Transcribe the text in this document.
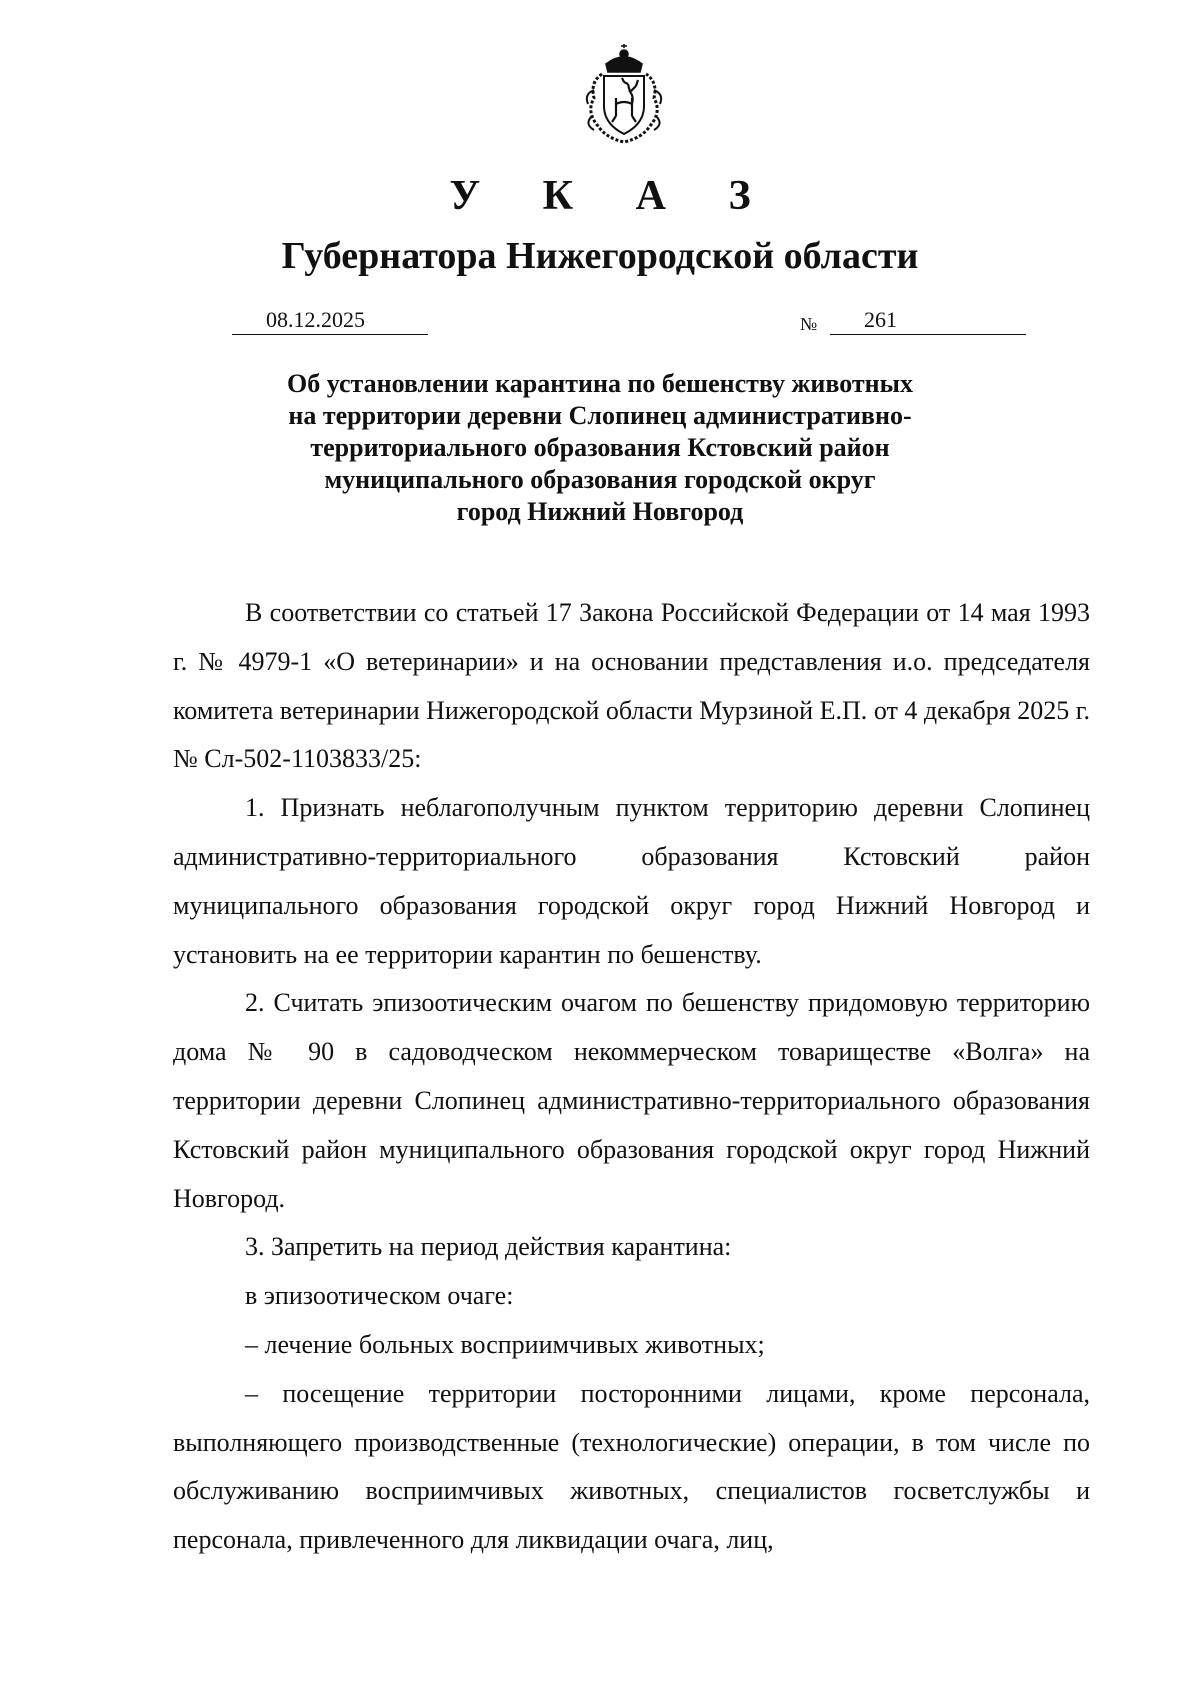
У К А З
Губернатора Нижегородской области
08.12.2025	№ 261
Об установлении карантина по бешенству животных
на территории деревни Слопинец административно-
территориального образования Кстовский район
муниципального образования городской округ
город Нижний Новгород

В соответствии со статьей 17 Закона Российской Федерации от 14 мая 1993 г. № 4979-1 «О ветеринарии» и на основании представления и.о. председателя комитета ветеринарии Нижегородской области Мурзиной Е.П. от 4 декабря 2025 г. № Сл-502-1103833/25:

1. Признать неблагополучным пунктом территорию деревни Слопинец административно-территориального образования Кстовский район муниципального образования городской округ город Нижний Новгород и установить на ее территории карантин по бешенству.

2. Считать эпизоотическим очагом по бешенству придомовую территорию дома № 90 в садоводческом некоммерческом товариществе «Волга» на территории деревни Слопинец административно-территориального образования Кстовский район муниципального образования городской округ город Нижний Новгород.

3. Запретить на период действия карантина:

в эпизоотическом очаге:

– лечение больных восприимчивых животных;

– посещение территории посторонними лицами, кроме персонала, выполняющего производственные (технологические) операции, в том числе по обслуживанию восприимчивых животных, специалистов госветслужбы и персонала, привлеченного для ликвидации очага, лиц,
